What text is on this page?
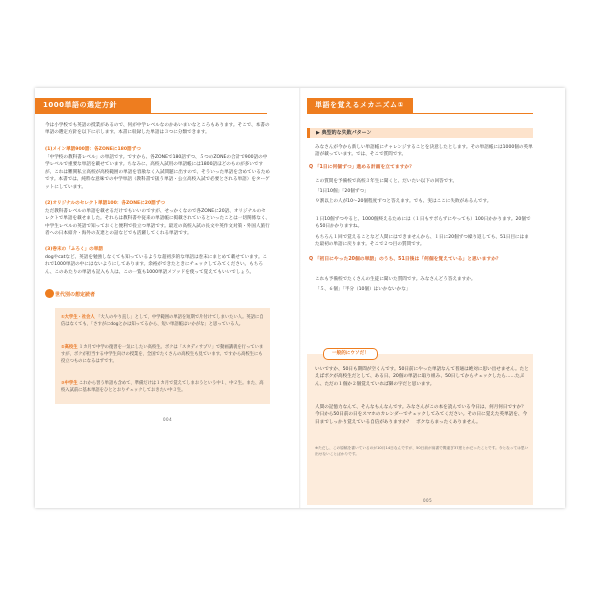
1000単語の選定方針
今は小学校でも英語の授業があるので、何が中学レベルなのかあいまいなところもあります。そこで、本書の単語の選定方針を以下に示します。本書に収録した単語は３つに分類できます。
(1)メイン単語900語：各ZONEに180語ずつ
「中学校の教科書レベル」の単語です。ですから、各ZONEで180語ずつ、５つのZONEの合計で900語の中学レベルで重要な単語を載せています。ちなみに、高校入試用の単語帳には1800語ほどのものが多いですが、これは難関私立高校が高校範囲の単語を容赦なく入試問題に出すので、そういった単語を含めているためです。本書では、純粋な意味での中学単語（教科書で扱う単語・公立高校入試で必要とされる単語）をターゲットにしています。
(2)オリジナルのセレクト単語100：各ZONEに20語ずつ
ただ教科書レベルの単語を載せるだけでもいいのですが、せっかくなので各ZONEに20語、オリジナルのセレクトで単語を載せました。それらは教科書や従来の単語帳に掲載されているといったことは一切関係なく、中学生レベルの英語で知っておくと便利で役立つ単語です。最近の高校入試の長文や英作文対策・外国人旅行者への日本紹介・海外の友達との話などでも活躍してくれる単語です。
(3)巻末の「ふろく」の単語
dogやcatなど、英語を勉強しなくても知っているような超初歩的な単語は巻末にまとめて載せています。これで1000単語の中にはないようにしてあります。余裕ができたときにチェックしてみてください。もちろん、このあたりの単語も記入も人は、この一覧も1000単語メソッドを使って覚えてもいいでしょう。
世代別の想定読者
①大学生・社会人 「大人のやり直し」として、中学範囲の単語を短期で片付けてしまいたい人。英語に自信はなくても、「さすがにdogとかは知ってるから、短い単語帳はいかがな」と思っている人。
②高校生 １カ月で中学の復習を一気にしたい高校生。ボクは「スタディサプリ」で動画講義を行っていますが、ボクが担当する中学生向けの授業を、全国でたくさんの高校生も見ています。ですから高校生にも役立つものになるはずです。
③中学生 これから習う単語も含めて、準備だけは１カ月で覚えてしまおうという中１、中２生。また、高校入試前に基本単語をひととおりチェックしておきたい中３生。
004
単語を覚えるメカニズム①
▶ 典型的な失敗パターン
みなさんが今から新しい単語帳にチャレンジすることを決意したとします。その単語帳には1000個の英単語が載っています。では、そこで質問です。
Q 「1日に何個ずつ」進める計画を立てますか？
この質問を予備校で高校３年生に聞くと、だいたい以下の回答です。
「1日10個」「20個ずつ」
９割以上の人が10〜20個程度ずつと答えます。でも、実はここに失敗があるんです。
１日10個ずつやると、1000個終えるためには（１日もサボらずにやっても）100日かかります。20個でも50日かかりますね。
もちろん１回で覚えることなど人間にはできませんから、１日に20個ずつ繰り返しても、51日目にはまた最初の単語に戻ります。そこで２つ目の質問です。
Q 「初日にやった20個の単語」のうち、51日後は「何個を覚えている」と思いますか？
これも予備校でたくさんの生徒に聞いた質問です。みなさんどう答えますか。
「５、６個」「半分（10個）はいかないかな」
一般的にウソだ！
いいですか、50日も期間が空くんです。50日前にやった単語なんて普通は絶対に思い出せません。たとえばボクが高校生だとして、ある日、20個の単語に取り組み、50日してからチェックしたら……たぶん、ただの１個か２個覚えていれば御の字だと思います。
人間の記憶力なんて、そんなもんなんです。みなさんがこの本を読んでいる今日は、何月何日ですか？今日から50日前の日をスマホのカレンダーでチェックしてみてください。その日に覚えた英単語を、今日までしっかり覚えている自信がありますか？　ボクならまったくありません。
※ただし、この原稿を書いているのが10月14日なんですが、50日前が肩書で間違ぎ37度とかだったことです。今となっては思い出せないことばかりです。
005
